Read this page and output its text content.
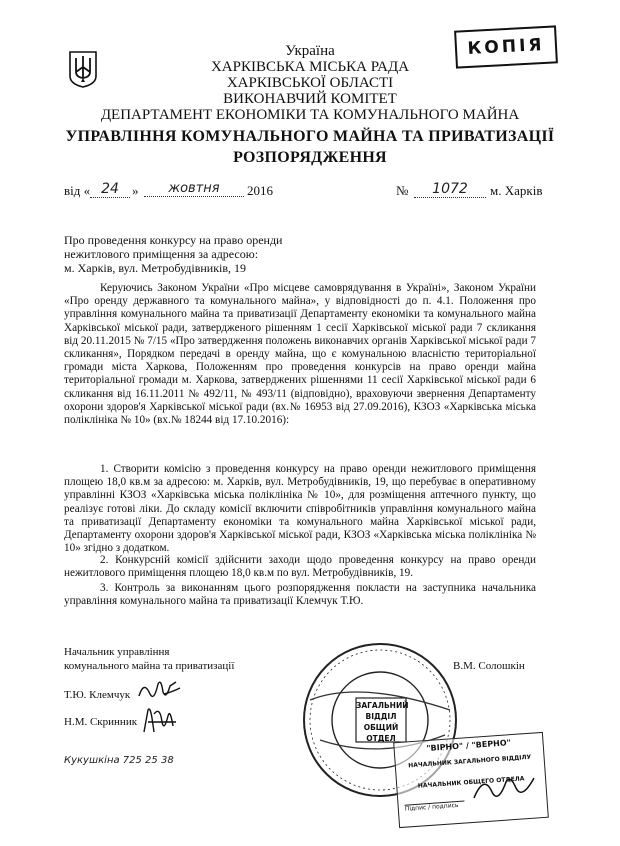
Україна
ХАРКІВСЬКА МІСЬКА РАДА
ХАРКІВСЬКОЇ ОБЛАСТІ
ВИКОНАВЧИЙ КОМІТЕТ
ДЕПАРТАМЕНТ ЕКОНОМІКИ ТА КОМУНАЛЬНОГО МАЙНА
УПРАВЛІННЯ КОМУНАЛЬНОГО МАЙНА ТА ПРИВАТИЗАЦІЇ
РОЗПОРЯДЖЕННЯ
КОПІЯ
від « 24	»	жовтня	2016	№	1072	м. Харків
Про проведення конкурсу на право оренди
нежитлового приміщення за адресою:
м. Харків, вул. Метробудівників, 19
Керуючись Законом України «Про місцеве самоврядування в Україні», Законом України «Про оренду державного та комунального майна», у відповідності до п. 4.1. Положення про управління комунального майна та приватизації Департаменту економіки та комунального майна Харківської міської ради, затвердженого рішенням 1 сесії Харківської міської ради 7 скликання від 20.11.2015 № 7/15 «Про затвердження положень виконавчих органів Харківської міської ради 7 скликання», Порядком передачі в оренду майна, що є комунальною власністю територіальної громади міста Харкова, Положенням про проведення конкурсів на право оренди майна територіальної громади м. Харкова, затверджених рішеннями 11 сесії Харківської міської ради 6 скликання від 16.11.2011 № 492/11, № 493/11 (відповідно), враховуючи звернення Департаменту охорони здоров'я Харківської міської ради (вх.№ 16953 від 27.09.2016), КЗОЗ «Харківська міська поліклініка № 10» (вх.№ 18244 від 17.10.2016):
1. Створити комісію з проведення конкурсу на право оренди нежитлового приміщення площею 18,0 кв.м за адресою: м. Харків, вул. Метробудівників, 19, що перебуває в оперативному управлінні КЗОЗ «Харківська міська поліклініка № 10», для розміщення аптечного пункту, що реалізує готові ліки. До складу комісії включити співробітників управління комунального майна та приватизації Департаменту економіки та комунального майна Харківської міської ради, Департаменту охорони здоров'я Харківської міської ради, КЗОЗ «Харківська міська поліклініка № 10» згідно з додатком.
2. Конкурсній комісії здійснити заходи щодо проведення конкурсу на право оренди нежитлового приміщення площею 18,0 кв.м по вул. Метробудівників, 19.
3. Контроль за виконанням цього розпорядження покласти на заступника начальника управління комунального майна та приватизації Клемчук Т.Ю.
Начальник управління
комунального майна та приватизації	В.М. Солошкін
Т.Ю. Клемчук
Н.М. Скринник
Кукушкіна 725 25 38
ЗАГАЛЬНИЙ
ВІДДІЛ
ОБЩИЙ ОТДЕЛ	"ВІРНО" / "ВЕРНО"
НАЧАЛЬНИК ЗАГАЛЬНОГО ВІДДІЛУ
НАЧАЛЬНИК ОБЩЕГО ОТДЕЛА
Підпис / подпись
